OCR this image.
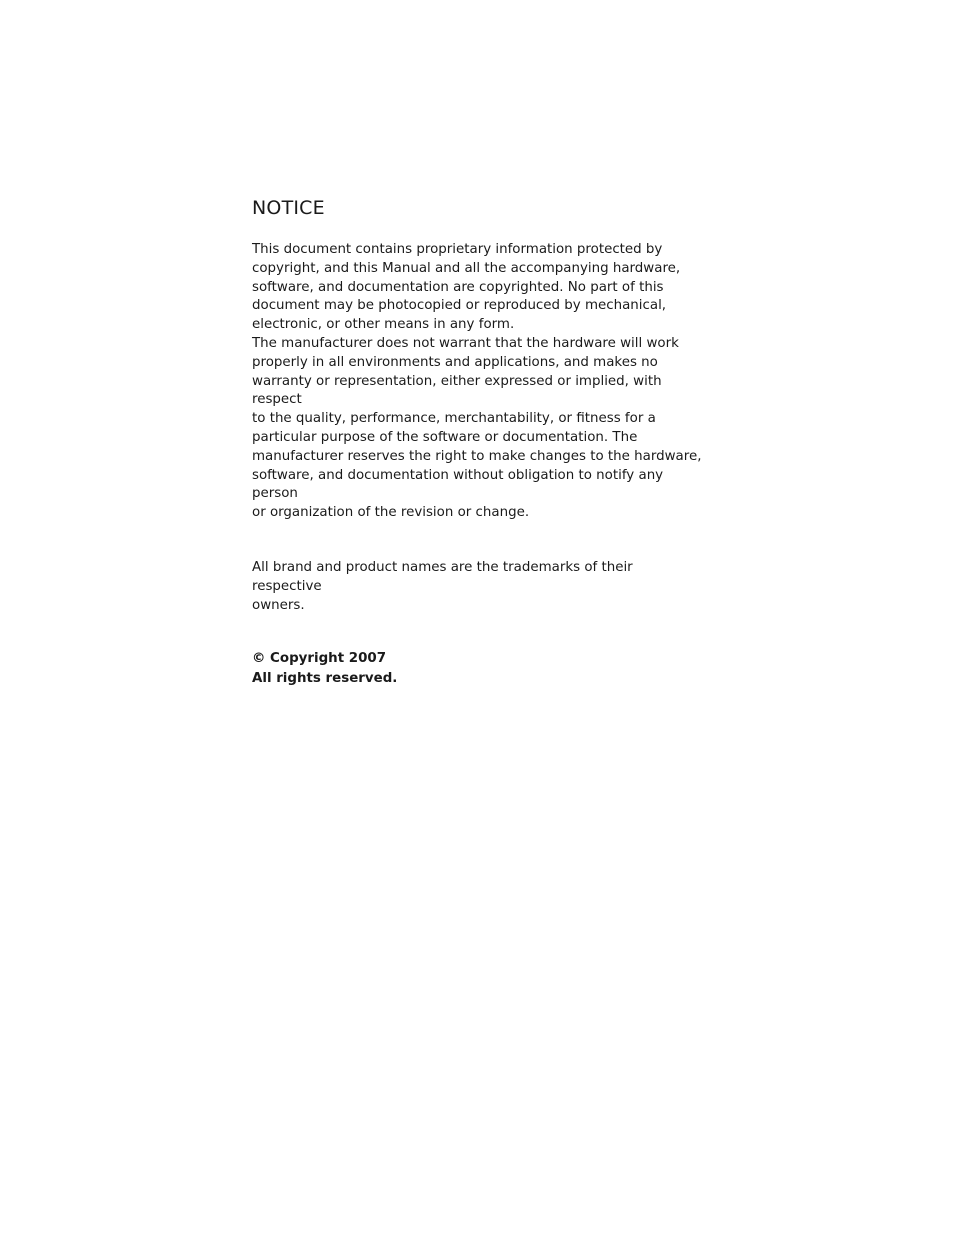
NOTICE

This document contains proprietary information protected by
copyright, and this Manual and all the accompanying hardware,
software, and documentation are copyrighted. No part of this
document may be photocopied or reproduced by mechanical,
electronic, or other means in any form.

The manufacturer does not warrant that the hardware will work
properly in all environments and applications, and makes no
warranty or representation, either expressed or implied, with respect
to the quality, performance, merchantability, or fitness for a
particular purpose of the software or documentation. The
manufacturer reserves the right to make changes to the hardware,
software, and documentation without obligation to notify any person
or organization of the revision or change.

All brand and product names are the trademarks of their respective
owners.

© Copyright 2007
All rights reserved.
